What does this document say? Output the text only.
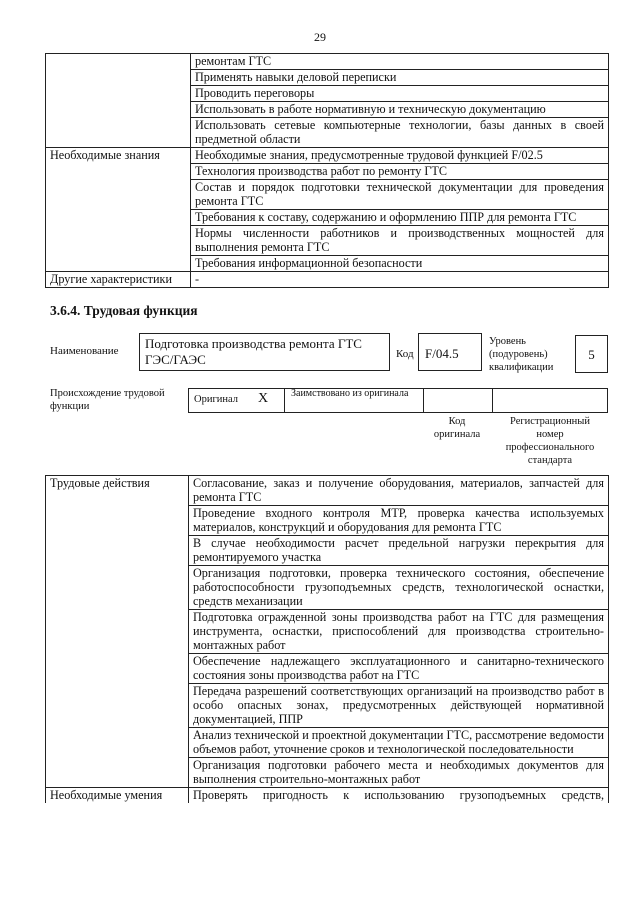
29
	ремонтам ГТС
	Применять навыки деловой переписки
	Проводить переговоры
	Использовать в работе нормативную и техническую документацию
	Использовать сетевые компьютерные технологии, базы данных в своей предметной области
Необходимые знания	Необходимые знания, предусмотренные трудовой функцией F/02.5
	Технология производства работ по ремонту ГТС
	Состав и порядок подготовки технической документации для проведения ремонта ГТС
	Требования к составу, содержанию и оформлению ППР для ремонта ГТС
	Нормы численности работников и производственных мощностей для выполнения ремонта ГТС
	Требования информационной безопасности
Другие характеристики	-
3.6.4. Трудовая функция
Наименование	Подготовка производства ремонта ГТС ГЭС/ГАЭС	Код F/04.5
Уровень (подуровень) квалификации
5
Происхождение трудовой функции
Оригинал Х Заимствовано из оригинала
Код оригинала
Регистрационный номер профессионального стандарта
Трудовые действия	Согласование, заказ и получение оборудования, материалов, запчастей для ремонта ГТС
	Проведение входного контроля МТР, проверка качества используемых материалов, конструкций и оборудования для ремонта ГТС
	В случае необходимости расчет предельной нагрузки перекрытия для ремонтируемого участка
	Организация подготовки, проверка технического состояния, обеспечение работоспособности грузоподъемных средств, технологической оснастки, средств механизации
	Подготовка огражденной зоны производства работ на ГТС для размещения инструмента, оснастки, приспособлений для производства строительно-монтажных работ
	Обеспечение надлежащего эксплуатационного и санитарно-технического состояния зоны производства работ на ГТС
	Передача разрешений соответствующих организаций на производство работ в особо опасных зонах, предусмотренных действующей нормативной документацией, ППР
	Анализ технической и проектной документации ГТС, рассмотрение ведомости объемов работ, уточнение сроков и технологической последовательности
	Организация подготовки рабочего места и необходимых документов для выполнения строительно-монтажных работ
Необходимые умения	Проверять пригодность к использованию грузоподъемных средств,
